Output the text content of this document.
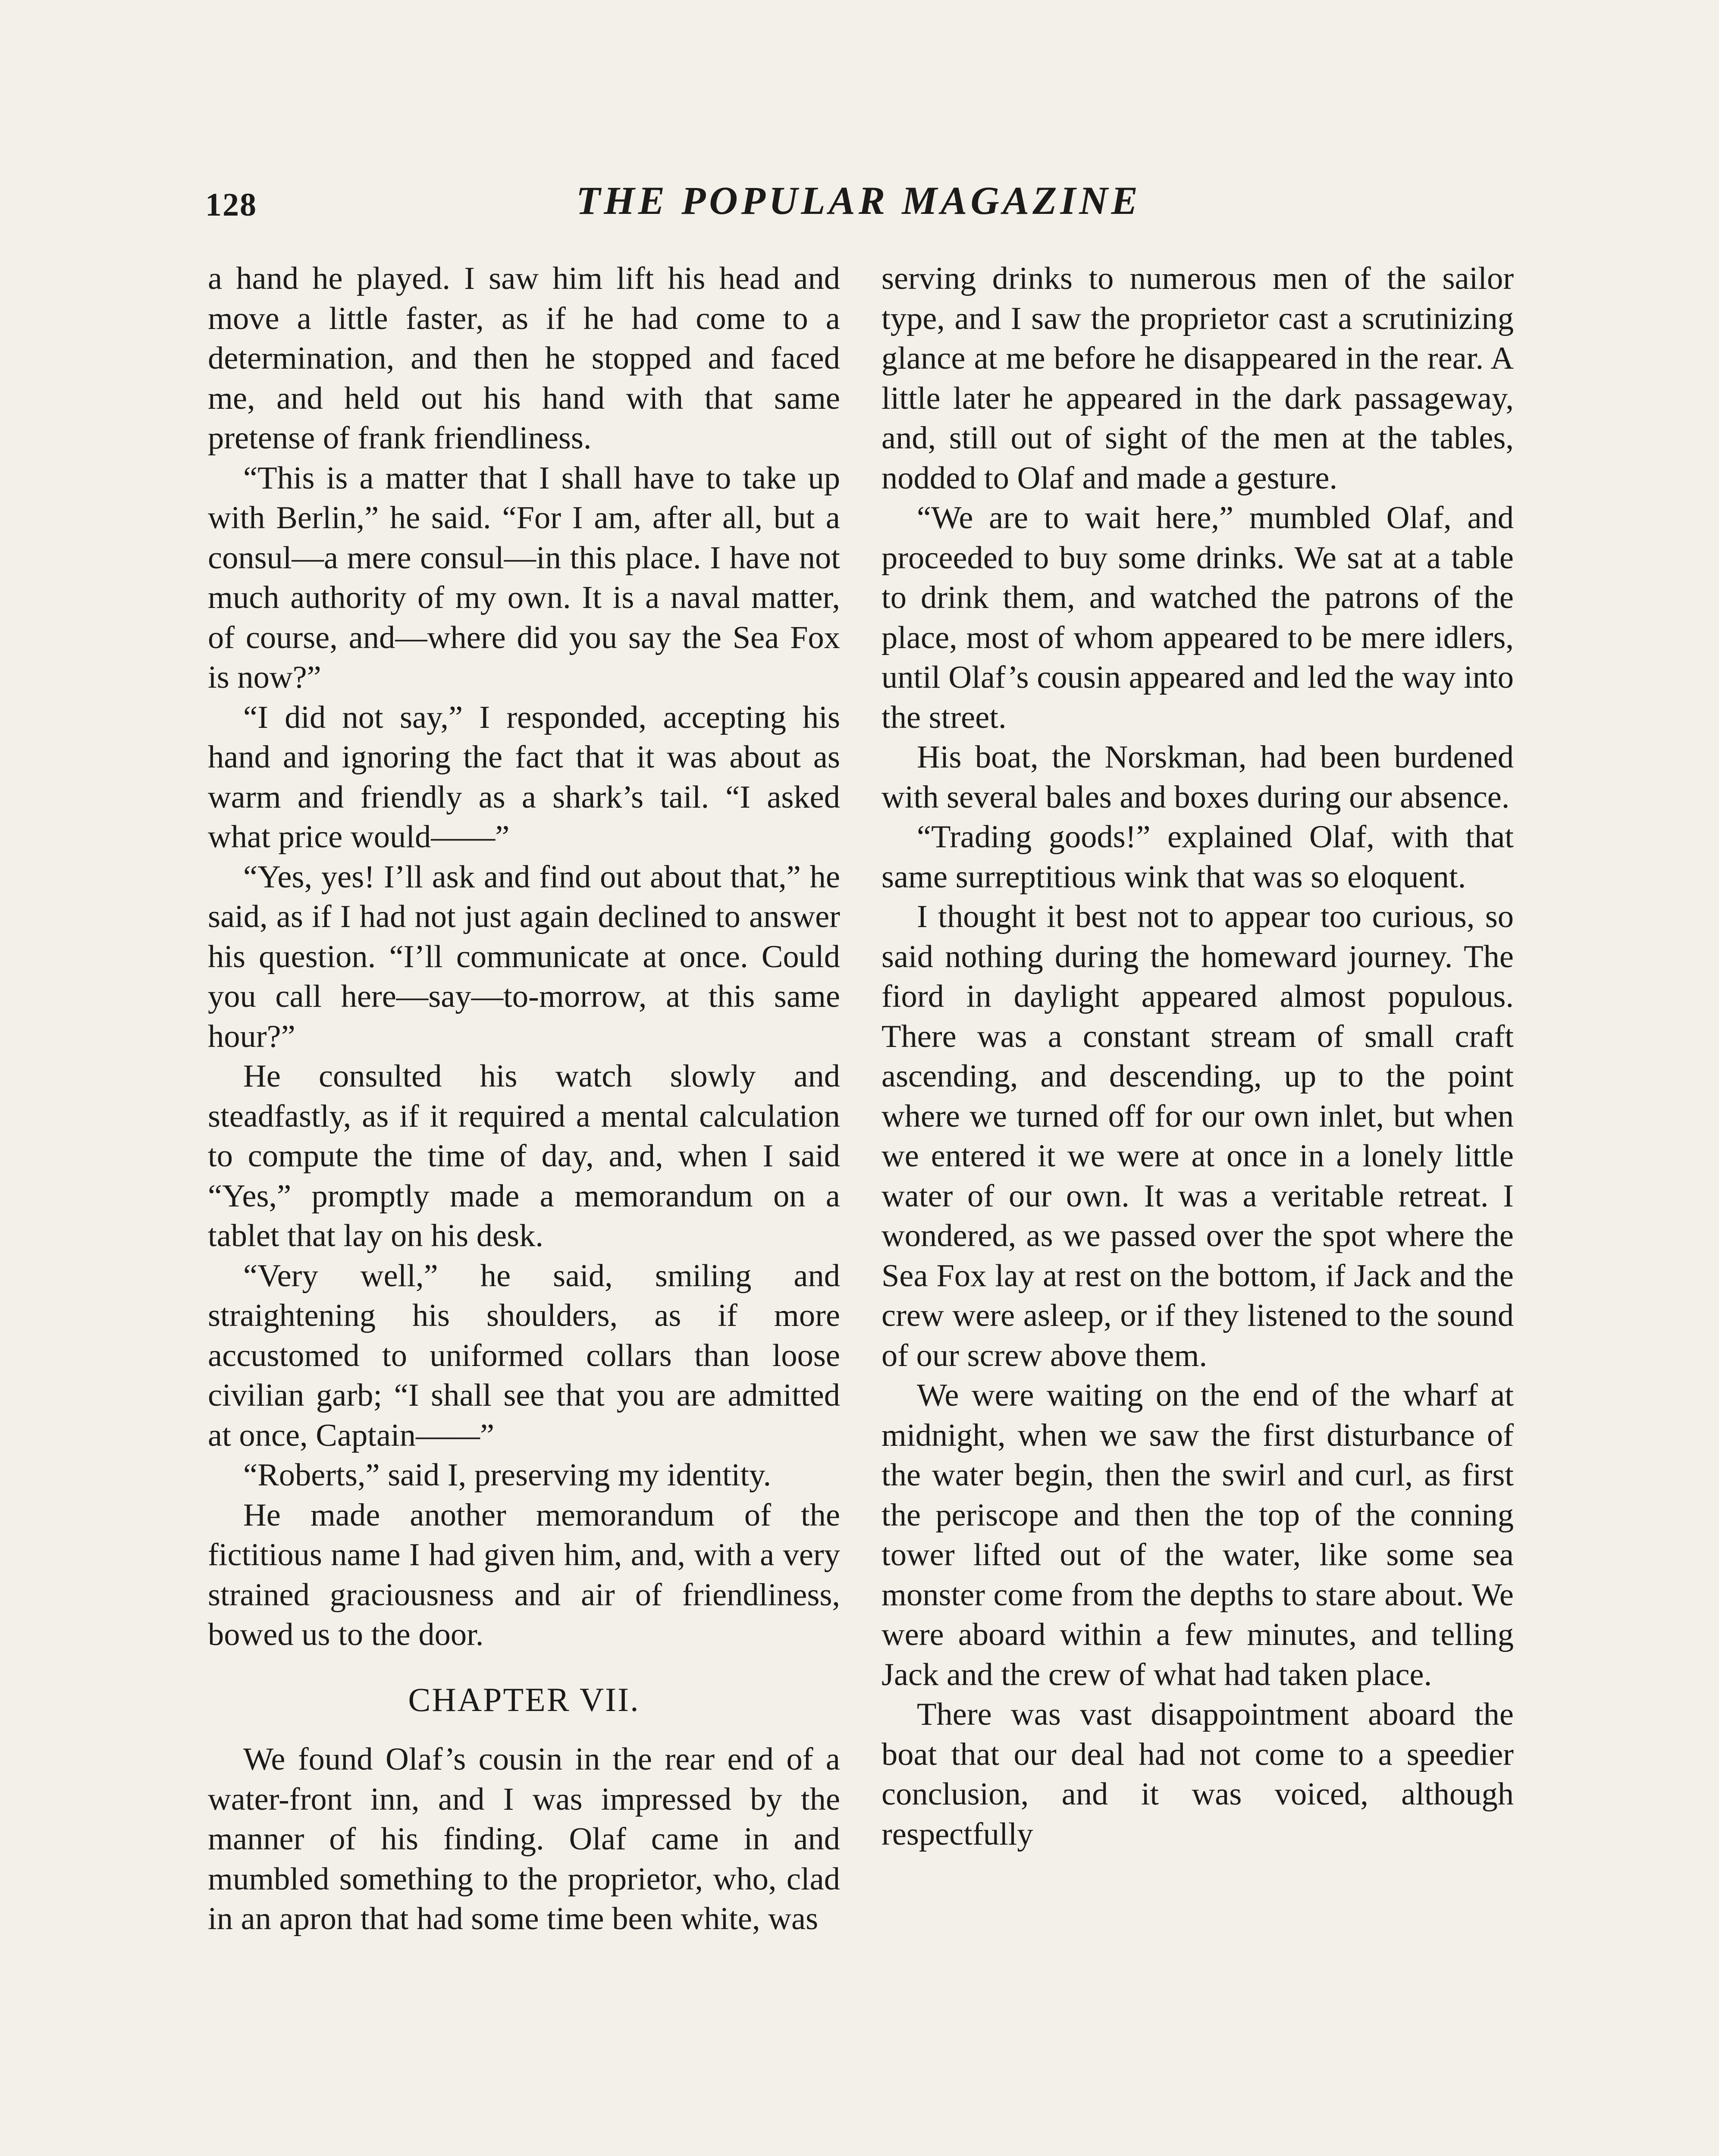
128	THE POPULAR MAGAZINE

a hand he played. I saw him lift his head and move a little faster, as if he had come to a determination, and then he stopped and faced me, and held out his hand with that same pretense of frank friendliness.

“This is a matter that I shall have to take up with Berlin,” he said. “For I am, after all, but a consul—a mere consul—in this place. I have not much authority of my own. It is a naval matter, of course, and—where did you say the Sea Fox is now?”

“I did not say,” I responded, accepting his hand and ignoring the fact that it was about as warm and friendly as a shark’s tail. “I asked what price would——”

“Yes, yes! I’ll ask and find out about that,” he said, as if I had not just again declined to answer his question. “I’ll communicate at once. Could you call here—say—to-morrow, at this same hour?”

He consulted his watch slowly and steadfastly, as if it required a mental calculation to compute the time of day, and, when I said “Yes,” promptly made a memorandum on a tablet that lay on his desk.

“Very well,” he said, smiling and straightening his shoulders, as if more accustomed to uniformed collars than loose civilian garb; “I shall see that you are admitted at once, Captain——”

“Roberts,” said I, preserving my identity.

He made another memorandum of the fictitious name I had given him, and, with a very strained graciousness and air of friendliness, bowed us to the door.

CHAPTER VII.

We found Olaf’s cousin in the rear end of a water-front inn, and I was impressed by the manner of his finding. Olaf came in and mumbled something to the proprietor, who, clad in an apron that had some time been white, was

serving drinks to numerous men of the sailor type, and I saw the proprietor cast a scrutinizing glance at me before he disappeared in the rear. A little later he appeared in the dark passageway, and, still out of sight of the men at the tables, nodded to Olaf and made a gesture.

“We are to wait here,” mumbled Olaf, and proceeded to buy some drinks. We sat at a table to drink them, and watched the patrons of the place, most of whom appeared to be mere idlers, until Olaf’s cousin appeared and led the way into the street.

His boat, the Norskman, had been burdened with several bales and boxes during our absence.

“Trading goods!” explained Olaf, with that same surreptitious wink that was so eloquent.

I thought it best not to appear too curious, so said nothing during the homeward journey. The fiord in daylight appeared almost populous. There was a constant stream of small craft ascending, and descending, up to the point where we turned off for our own inlet, but when we entered it we were at once in a lonely little water of our own. It was a veritable retreat. I wondered, as we passed over the spot where the Sea Fox lay at rest on the bottom, if Jack and the crew were asleep, or if they listened to the sound of our screw above them.

We were waiting on the end of the wharf at midnight, when we saw the first disturbance of the water begin, then the swirl and curl, as first the periscope and then the top of the conning tower lifted out of the water, like some sea monster come from the depths to stare about. We were aboard within a few minutes, and telling Jack and the crew of what had taken place.

There was vast disappointment aboard the boat that our deal had not come to a speedier conclusion, and it was voiced, although respectfully
